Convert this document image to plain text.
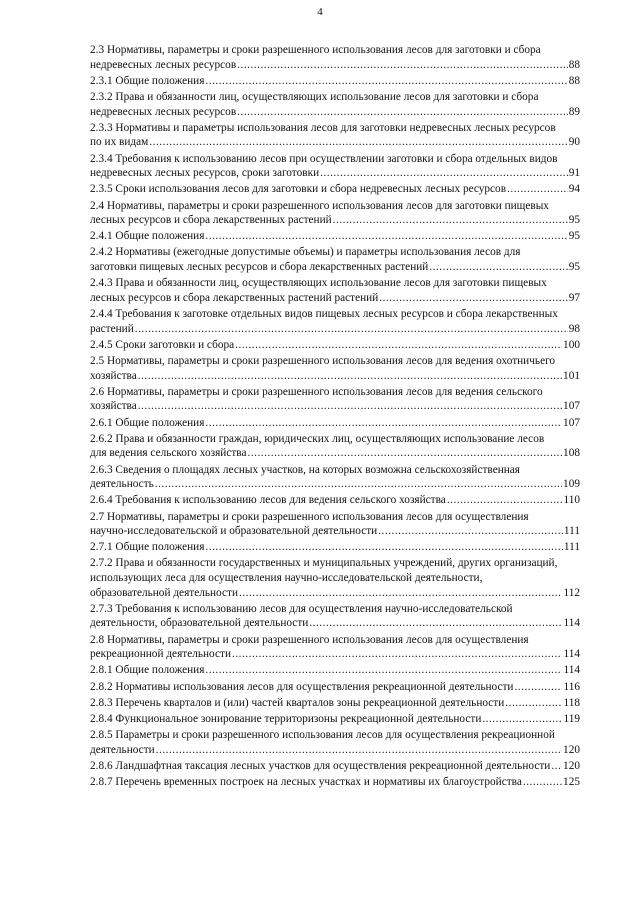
4
2.3 Нормативы, параметры и сроки разрешенного использования лесов для заготовки и сбора недревесных лесных ресурсов .....	88
2.3.1 Общие положения .....	88
2.3.2 Права и обязанности лиц, осуществляющих использование лесов для заготовки и сбора недревесных лесных ресурсов .....	89
2.3.3 Нормативы и параметры использования лесов для заготовки недревесных лесных ресурсов по их видам .....	90
2.3.4 Требования к использованию лесов при осуществлении заготовки и сбора отдельных видов недревесных лесных ресурсов, сроки заготовки .....	91
2.3.5 Сроки использования лесов для заготовки и сбора недревесных лесных ресурсов .....	94
2.4 Нормативы, параметры и сроки разрешенного использования лесов для заготовки пищевых лесных ресурсов и сбора лекарственных растений .....	95
2.4.1 Общие положения .....	95
2.4.2 Нормативы (ежегодные допустимые объемы) и параметры использования лесов для заготовки пищевых лесных ресурсов и сбора лекарственных растений .....	95
2.4.3 Права и обязанности лиц, осуществляющих использование лесов для заготовки пищевых лесных ресурсов и сбора лекарственных растений растений .....	97
2.4.4 Требования к заготовке отдельных видов пищевых лесных ресурсов и сбора лекарственных растений .....	98
2.4.5 Сроки заготовки и сбора .....	100
2.5 Нормативы, параметры и сроки разрешенного использования лесов для ведения охотничьего хозяйства .....	101
2.6 Нормативы, параметры и сроки разрешенного использования лесов для ведения сельского хозяйства .....	107
2.6.1 Общие положения .....	107
2.6.2 Права и обязанности граждан, юридических лиц, осуществляющих использование лесов для ведения сельского хозяйства .....	108
2.6.3 Сведения о площадях лесных участков, на которых возможна сельскохозяйственная деятельность .....	109
2.6.4 Требования к использованию лесов для ведения сельского хозяйства .....	110
2.7 Нормативы, параметры и сроки разрешенного использования лесов для осуществления научно-исследовательской и образовательной деятельности .....	111
2.7.1 Общие положения .....	111
2.7.2 Права и обязанности государственных и муниципальных учреждений, других организаций, использующих леса для осуществления научно-исследовательской деятельности, образовательной деятельности .....	112
2.7.3 Требования к использованию лесов для осуществления научно-исследовательской деятельности, образовательной деятельности .....	114
2.8 Нормативы, параметры и сроки разрешенного использования лесов для осуществления рекреационной деятельности .....	114
2.8.1 Общие положения .....	114
2.8.2 Нормативы использования лесов для осуществления рекреационной деятельности .....	116
2.8.3 Перечень кварталов и (или) частей кварталов зоны рекреационной деятельности .....	118
2.8.4 Функциональное зонирование территоризоны рекреационной деятельности .....	119
2.8.5 Параметры и сроки разрешенного использования лесов для осуществления рекреационной деятельности .....	120
2.8.6 Ландшафтная таксация лесных участков для осуществления рекреационной деятельности .....	120
2.8.7 Перечень временных построек на лесных участках и нормативы их благоустройства .....	125
